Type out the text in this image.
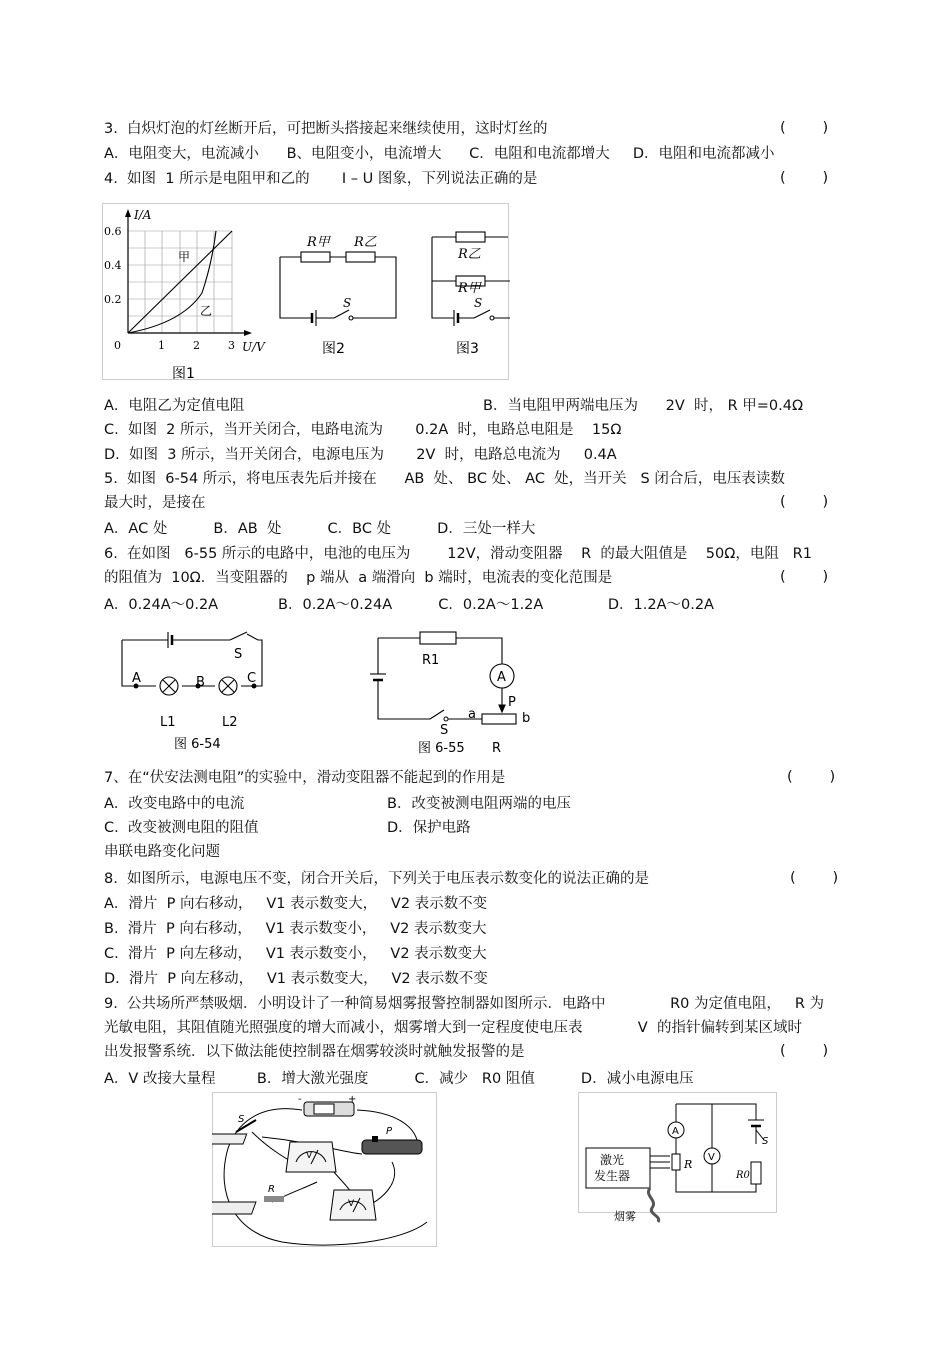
3.  白炽灯泡的灯丝断开后，可把断头搭接起来继续使用，这时灯丝的	(        )
A．电阻变大，电流减小      B、电阻变小，电流增大      C．电阻和电流都增大     D．电阻和电流都减小
4.  如图  1 所示是电阻甲和乙的       I – U 图象，下列说法正确的是	(        )
I/A
U/V
0.6
0.4
0.2
0	1	2	3
甲
乙
图1
R甲 R乙
S
图2
R乙
R甲
S
图3
A．电阻乙为定值电阻	B．当电阻甲两端电压为      2V  时， R 甲=0.4Ω
C.  如图  2 所示，当开关闭合，电路电流为       0.2A  时，电路总电阻是    15Ω
D.  如图  3 所示，当开关闭合，电源电压为       2V  时，电路总电流为     0.4A
5.  如图  6-54 所示，将电压表先后并接在      AB  处、 BC 处、 AC  处，当开关   S 闭合后，电压表读数
最大时，是接在	(        )
A．AC 处          B．AB  处          C．BC 处          D．三处一样大
6.  在如图   6-55 所示的电路中，电池的电压为        12V，滑动变阻器    R  的最大阻值是    50Ω，电阻   R1
的阻值为  10Ω．当变阻器的    p 端从  a 端滑向  b 端时，电流表的变化范围是	(        )
A．0.24A～0.2A             B．0.2A～0.24A          C．0.2A～1.2A              D．1.2A～0.2A
S
A	B	C
L1	L2
图 6-54
R1
A
P
a	b
S
图 6-55 R
7、在“伏安法测电阻”的实验中，滑动变阻器不能起到的作用是	(        )
A．改变电路中的电流	B．改变被测电阻两端的电压
C.  改变被测电阻的阻值	D．保护电路
串联电路变化问题
8.  如图所示，电源电压不变，闭合开关后，下列关于电压表示数变化的说法正确的是	(        )
A．滑片  P 向右移动，   V1 表示数变大，   V2 表示数不变
B.  滑片  P 向右移动，   V1 表示数变小，   V2 表示数变大
C.  滑片  P 向左移动，   V1 表示数变小，   V2 表示数变大
D.  滑片  P 向左移动，   V1 表示数变大，   V2 表示数不变
9.  公共场所严禁吸烟．小明设计了一种简易烟雾报警控制器如图所示．电路中              R0 为定值电阻，   R 为
光敏电阻，其阻值随光照强度的增大而减小，烟雾增大到一定程度使电压表            V  的指针偏转到某区域时
出发报警系统．以下做法能使控制器在烟雾较淡时就触发报警的是	(        )
A．V 改接大量程         B．增大激光强度          C．减少   R0 阻值          D．减小电源电压
-	+
S
V
P
R
V
A
V
R
R0
S
激光
发生器
烟雾
